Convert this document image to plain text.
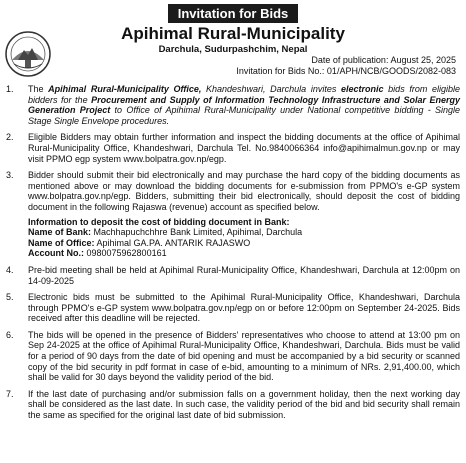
Invitation for Bids
Apihimal Rural-Municipality
Darchula, Sudurpashchim, Nepal
Date of publication: August 25, 2025
Invitation for Bids No.: 01/APH/NCB/GOODS/2082-083
1. The Apihimal Rural-Municipality Office, Khandeshwari, Darchula invites electronic bids from eligible bidders for the Procurement and Supply of Information Technology Infrastructure and Solar Energy Generation Project to Office of Apihimal Rural-Municipality under National competitive bidding - Single Stage Single Envelope procedures.
2. Eligible Bidders may obtain further information and inspect the bidding documents at the office of Apihimal Rural-Municipality Office, Khandeshwari, Darchula Tel. No.9840066364 info@apihimalmun.gov.np or may visit PPMO egp system www.bolpatra.gov.np/egp.
3. Bidder should submit their bid electronically and may purchase the hard copy of the bidding documents as mentioned above or may download the bidding documents for e-submission from PPMO's e-GP system www.bolpatra.gov.np/egp. Bidders, submitting their bid electronically, should deposit the cost of bidding document in the following Rajaswa (revenue) account as specified below.
Information to deposit the cost of bidding document in Bank:
Name of Bank: Machhapuchchhre Bank Limited, Apihimal, Darchula
Name of Office: Apihimal GA.PA. ANTARIK RAJASWO
Account No.: 0980075962800161
4. Pre-bid meeting shall be held at Apihimal Rural-Municipality Office, Khandeshwari, Darchula at 12:00pm on 14-09-2025
5. Electronic bids must be submitted to the Apihimal Rural-Municipality Office, Khandeshwari, Darchula through PPMO's e-GP system www.bolpatra.gov.np/egp on or before 12:00pm on September 24-2025. Bids received after this deadline will be rejected.
6. The bids will be opened in the presence of Bidders' representatives who choose to attend at 13:00 pm on Sep 24-2025 at the office of Apihimal Rural-Municipality Office, Khandeshwari, Darchula. Bids must be valid for a period of 90 days from the date of bid opening and must be accompanied by a bid security or scanned copy of the bid security in pdf format in case of e-bid, amounting to a minimum of NRs. 2,91,400.00, which shall be valid for 30 days beyond the validity period of the bid.
7. If the last date of purchasing and/or submission falls on a government holiday, then the next working day shall be considered as the last date. In such case, the validity period of the bid and bid security shall remain the same as specified for the original last date of bid submission.
